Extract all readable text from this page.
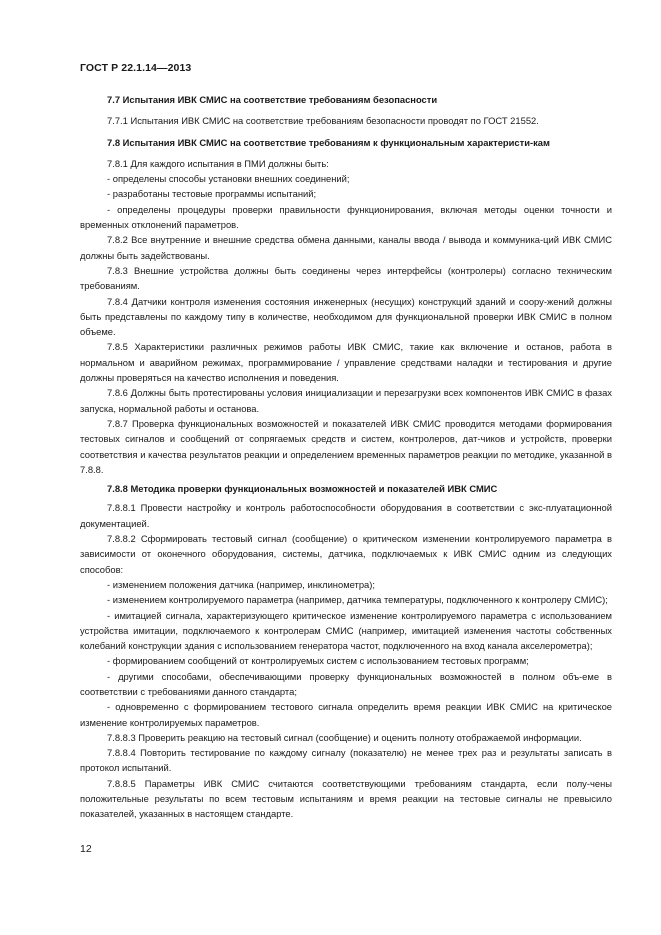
ГОСТ Р 22.1.14—2013

7.7 Испытания ИВК СМИС на соответствие требованиям безопасности

7.7.1 Испытания ИВК СМИС на соответствие требованиям безопасности проводят по ГОСТ 21552.

7.8 Испытания ИВК СМИС на соответствие требованиям к функциональным характеристи-кам

7.8.1 Для каждого испытания в ПМИ должны быть:

- определены способы установки внешних соединений;

- разработаны тестовые программы испытаний;

- определены процедуры проверки правильности функционирования, включая методы оценки точности и временных отклонений параметров.

7.8.2 Все внутренние и внешние средства обмена данными, каналы ввода / вывода и коммуника-ций ИВК СМИС должны быть задействованы.

7.8.3 Внешние устройства должны быть соединены через интерфейсы (контролеры) согласно техническим требованиям.

7.8.4 Датчики контроля изменения состояния инженерных (несущих) конструкций зданий и соору-жений должны быть представлены по каждому типу в количестве, необходимом для функциональной проверки ИВК СМИС в полном объеме.

7.8.5 Характеристики различных режимов работы ИВК СМИС, такие как включение и останов, работа в нормальном и аварийном режимах, программирование / управление средствами наладки и тестирования и другие должны проверяться на качество исполнения и поведения.

7.8.6 Должны быть протестированы условия инициализации и перезагрузки всех компонентов ИВК СМИС в фазах запуска, нормальной работы и останова.

7.8.7 Проверка функциональных возможностей и показателей ИВК СМИС проводится методами формирования тестовых сигналов и сообщений от сопрягаемых средств и систем, контролеров, дат-чиков и устройств, проверки соответствия и качества результатов реакции и определением временных параметров реакции по методике, указанной в 7.8.8.

7.8.8 Методика проверки функциональных возможностей и показателей ИВК СМИС

7.8.8.1 Провести настройку и контроль работоспособности оборудования в соответствии с экс-плуатационной документацией.

7.8.8.2 Сформировать тестовый сигнал (сообщение) о критическом изменении контролируемого параметра в зависимости от оконечного оборудования, системы, датчика, подключаемых к ИВК СМИС одним из следующих способов:

- изменением положения датчика (например, инклинометра);

- изменением контролируемого параметра (например, датчика температуры, подключенного к контролеру СМИС);

- имитацией сигнала, характеризующего критическое изменение контролируемого параметра с использованием устройства имитации, подключаемого к контролерам СМИС (например, имитацией изменения частоты собственных колебаний конструкции здания с использованием генератора частот, подключенного на вход канала акселерометра);

- формированием сообщений от контролируемых систем с использованием тестовых программ;

- другими способами, обеспечивающими проверку функциональных возможностей в полном объ-еме в соответствии с требованиями данного стандарта;

- одновременно с формированием тестового сигнала определить время реакции ИВК СМИС на критическое изменение контролируемых параметров.

7.8.8.3 Проверить реакцию на тестовый сигнал (сообщение) и оценить полноту отображаемой информации.

7.8.8.4 Повторить тестирование по каждому сигналу (показателю) не менее трех раз и результаты записать в протокол испытаний.

7.8.8.5 Параметры ИВК СМИС считаются соответствующими требованиям стандарта, если полу-чены положительные результаты по всем тестовым испытаниям и время реакции на тестовые сигналы не превысило показателей, указанных в настоящем стандарте.

12
